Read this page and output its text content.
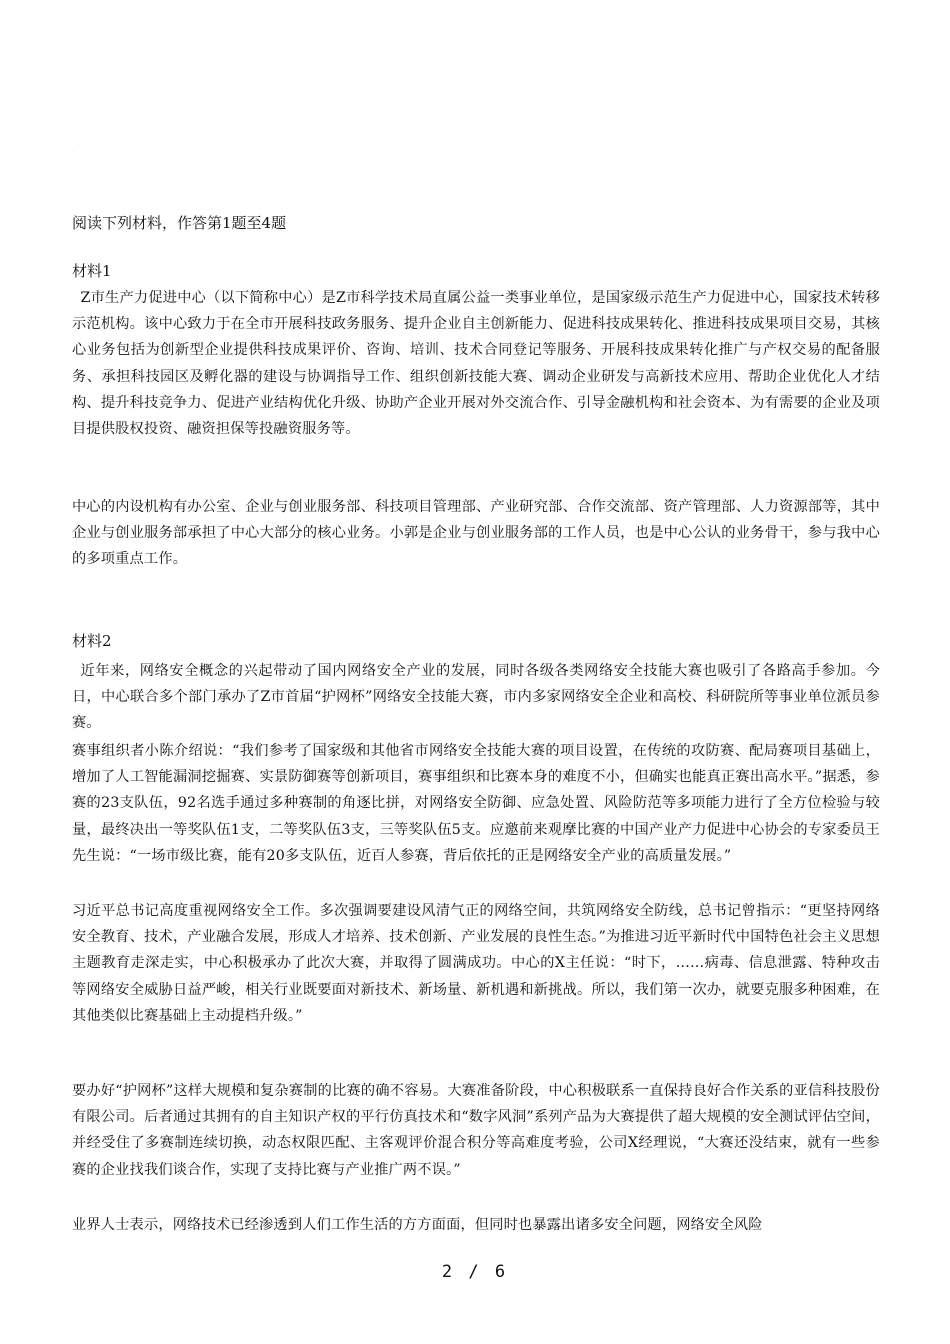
阅读下列材料，作答第1题至4题
材料1

Z市生产力促进中心（以下简称中心）是Z市科学技术局直属公益一类事业单位，是国家级示范生产力促进中心，国家技术转移示范机构。该中心致力于在全市开展科技政务服务、提升企业自主创新能力、促进科技成果转化、推进科技成果项目交易，其核心业务包括为创新型企业提供科技成果评价、咨询、培训、技术合同登记等服务、开展科技成果转化推广与产权交易的配备服务、承担科技园区及孵化器的建设与协调指导工作、组织创新技能大赛、调动企业研发与高新技术应用、帮助企业优化人才结构、提升科技竞争力、促进产业结构优化升级、协助产企业开展对外交流合作、引导金融机构和社会资本、为有需要的企业及项目提供股权投资、融资担保等投融资服务等。

中心的内设机构有办公室、企业与创业服务部、科技项目管理部、产业研究部、合作交流部、资产管理部、人力资源部等，其中企业与创业服务部承担了中心大部分的核心业务。小郭是企业与创业服务部的工作人员，也是中心公认的业务骨干，参与我中心的多项重点工作。

材料2

近年来，网络安全概念的兴起带动了国内网络安全产业的发展，同时各级各类网络安全技能大赛也吸引了各路高手参加。今日，中心联合多个部门承办了Z市首届“护网杯”网络安全技能大赛，市内多家网络安全企业和高校、科研院所等事业单位派员参赛。

赛事组织者小陈介绍说：“我们参考了国家级和其他省市网络安全技能大赛的项目设置，在传统的攻防赛、配局赛项目基础上，增加了人工智能漏洞挖掘赛、实景防御赛等创新项目，赛事组织和比赛本身的难度不小，但确实也能真正赛出高水平。”据悉，参赛的23支队伍，92名选手通过多种赛制的角逐比拼，对网络安全防御、应急处置、风险防范等多项能力进行了全方位检验与较量，最终决出一等奖队伍1支，二等奖队伍3支，三等奖队伍5支。应邀前来观摩比赛的中国产业产力促进中心协会的专家委员王先生说：“一场市级比赛，能有20多支队伍，近百人参赛，背后依托的正是网络安全产业的高质量发展。”

习近平总书记高度重视网络安全工作。多次强调要建设风清气正的网络空间，共筑网络安全防线，总书记曾指示：“更坚持网络安全教育、技术，产业融合发展，形成人才培养、技术创新、产业发展的良性生态。”为推进习近平新时代中国特色社会主义思想主题教育走深走实，中心积极承办了此次大赛，并取得了圆满成功。中心的X主任说：“时下，……病毒、信息泄露、特种攻击等网络安全威胁日益严峻，相关行业既要面对新技术、新场量、新机遇和新挑战。所以，我们第一次办，就要克服多种困难，在其他类似比赛基础上主动提档升级。”

要办好“护网杯”这样大规模和复杂赛制的比赛的确不容易。大赛准备阶段，中心积极联系一直保持良好合作关系的亚信科技股份有限公司。后者通过其拥有的自主知识产权的平行仿真技术和“数字风洞”系列产品为大赛提供了超大规模的安全测试评估空间，并经受住了多赛制连续切换，动态权限匹配、主客观评价混合积分等高难度考验，公司X经理说，“大赛还没结束，就有一些参赛的企业找我们谈合作，实现了支持比赛与产业推广两不误。”

业界人士表示，网络技术已经渗透到人们工作生活的方方面面，但同时也暴露出诸多安全问题，网络安全风险

2 / 6
